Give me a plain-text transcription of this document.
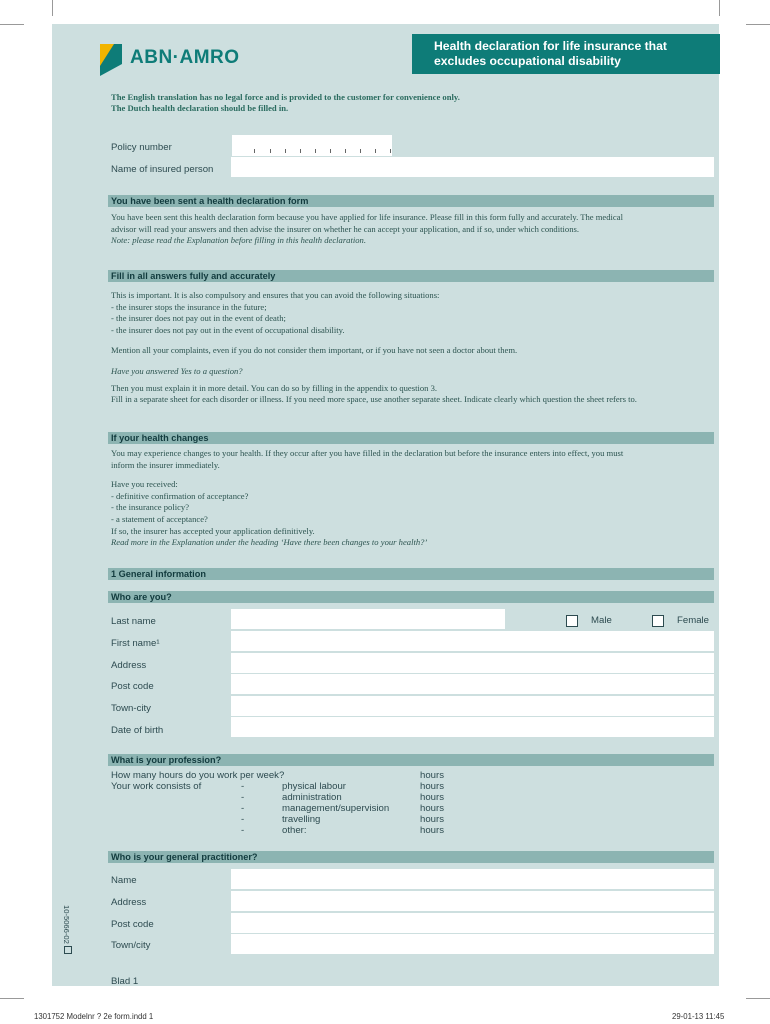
ABN·AMRO
Health declaration for life insurance that
excludes occupational disability
The English translation has no legal force and is provided to the customer for convenience only.
The Dutch health declaration should be filled in.
Policy number
Name of insured person
You have been sent a health declaration form

You have been sent this health declaration form because you have applied for life insurance. Please fill in this form fully and accurately. The medical

advisor will read your answers and then advise the insurer on whether he can accept your application, and if so, under which conditions.

Note: please read the Explanation before filling in this health declaration.

Fill in all answers fully and accurately

This is important. It is also compulsory and ensures that you can avoid the following situations:

- the insurer stops the insurance in the future;

- the insurer does not pay out in the event of death;

- the insurer does not pay out in the event of occupational disability.

Mention all your complaints, even if you do not consider them important, or if you have not seen a doctor about them.

Have you answered Yes to a question?

Then you must explain it in more detail. You can do so by filling in the appendix to question 3.

Fill in a separate sheet for each disorder or illness. If you need more space, use another separate sheet. Indicate clearly which question the sheet refers to.

If your health changes

You may experience changes to your health. If they occur after you have filled in the declaration but before the insurance enters into effect, you must

inform the insurer immediately.

Have you received:

- definitive confirmation of acceptance?

- the insurance policy?

- a statement of acceptance?

If so, the insurer has accepted your application definitively.

Read more in the Explanation under the heading ‘Have there been changes to your health?’

1 General information
Who are you?
Last name	Male	Female
First name¹
Address
Post code
Town-city
Date of birth
What is your profession?
How many hours do you work per week?	hours
Your work consists of	-	physical labour	hours
-	administration	hours
-	management/supervision	hours
-	travelling	hours
-	other:	hours
Who is your general practitioner?
Name
Address
Post code
Town/city
Blad 1
10-5066-02
1301752 Modelnr ? 2e form.indd 1	29-01-13 11:45
